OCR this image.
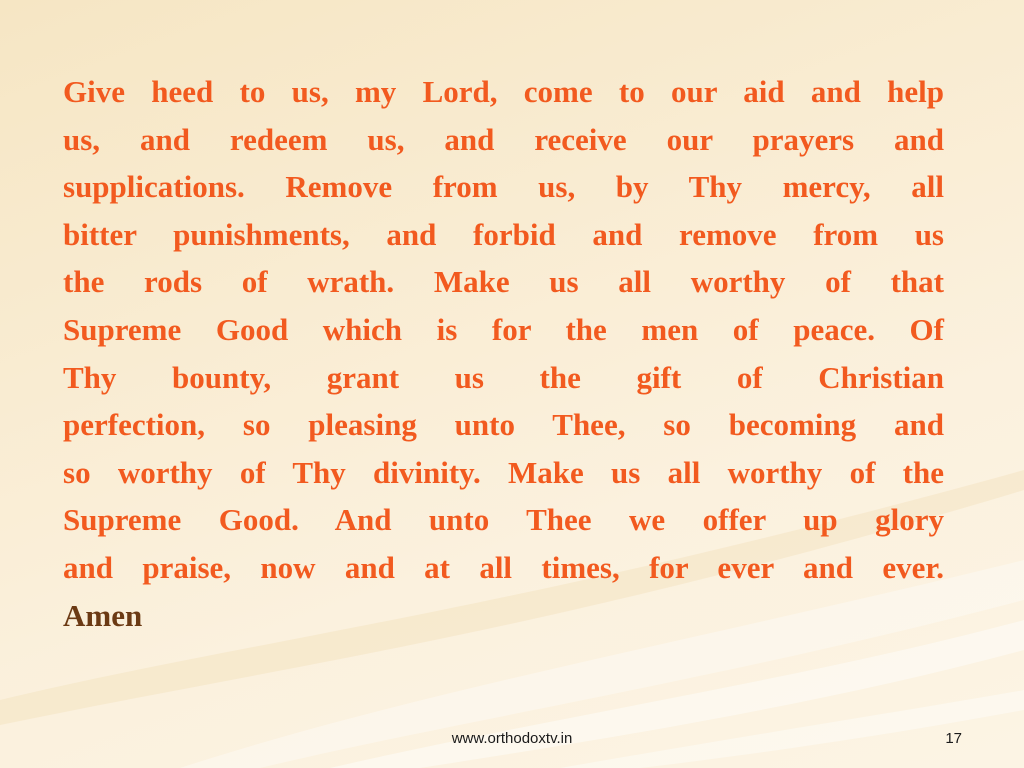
Give heed to us, my Lord, come to our aid and help
us, and redeem us, and receive our prayers and
supplications. Remove from us, by Thy mercy, all
bitter punishments, and forbid and remove from us
the rods of wrath. Make us all worthy of that
Supreme Good which is for the men of peace. Of
Thy bounty, grant us the gift of Christian
perfection, so pleasing unto Thee, so becoming and
so worthy of Thy divinity. Make us all worthy of the
Supreme Good. And unto Thee we offer up glory
and praise, now and at all times, for ever and ever.
Amen
www.orthodoxtv.in	17
